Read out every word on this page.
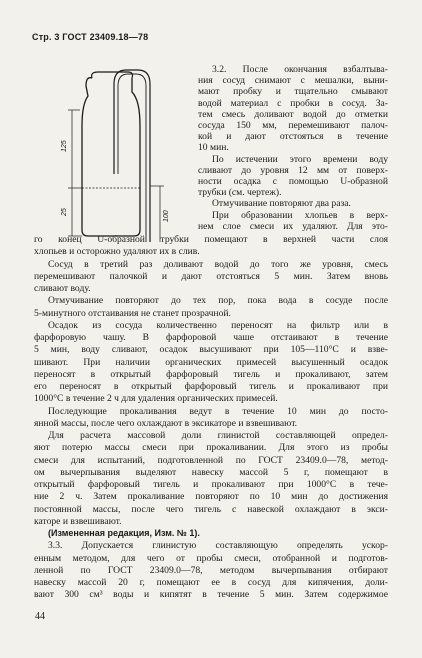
Стр. 3 ГОСТ 23409.18—78
125
25	100
3.2. После окончания взбалтыва-
ния сосуд снимают с мешалки, выни-
мают пробку и тщательно смывают
водой материал с пробки в сосуд. За-
тем смесь доливают водой до отметки
сосуда 150 мм, перемешивают палоч-
кой и дают отстояться в течение
10 мин.
По истечении этого времени воду
сливают до уровня 12 мм от поверх-
ности осадка с помощью U-образной
трубки (см. чертеж).
Отмучивание повторяют два раза.
При образовании хлопьев в верх-
нем слое смеси их удаляют. Для это-
го конец U-образной трубки помещают в верхней части слоя
хлопьев и осторожно удаляют их в слив.
Сосуд в третий раз доливают водой до того же уровня, смесь
перемешивают палочкой и дают отстояться 5 мин. Затем вновь
сливают воду.
Отмучивание повторяют до тех пор, пока вода в сосуде после
5-минутного отстаивания не станет прозрачной.
Осадок из сосуда количественно переносят на фильтр или в
фарфоровую чашу. В фарфоровой чаше отстаивают в течение
5 мин, воду сливают, осадок высушивают при 105—110°С и взве-
шивают. При наличии органических примесей высушенный осадок
переносят в открытый фарфоровый тигель и прокаливают, затем
его переносят в открытый фарфоровый тигель и прокаливают при
1000°С в течение 2 ч для удаления органических примесей.
Последующие прокаливания ведут в течение 10 мин до посто-
янной массы, после чего охлаждают в эксикаторе и взвешивают.
Для расчета массовой доли глинистой составляющей определ-
яют потерю массы смеси при прокаливании. Для этого из пробы
смеси для испытаний, подготовленной по ГОСТ 23409.0—78, метод-
ом вычерпывания выделяют навеску массой 5 г, помещают в
открытый фарфоровый тигель и прокаливают при 1000°С в тече-
ние 2 ч. Затем прокаливание повторяют по 10 мин до достижения
постоянной массы, после чего тигель с навеской охлаждают в экси-
каторе и взвешивают.
(Измененная редакция, Изм. № 1).
3.3. Допускается глинистую составляющую определять ускор-
енным методом, для чего от пробы смеси, отобранной и подготов-
ленной по ГОСТ 23409.0—78, методом вычерпывания отбирают
навеску массой 20 г, помещают ее в сосуд для кипячения, доли-
вают 300 см³ воды и кипятят в течение 5 мин. Затем содержимое
44
